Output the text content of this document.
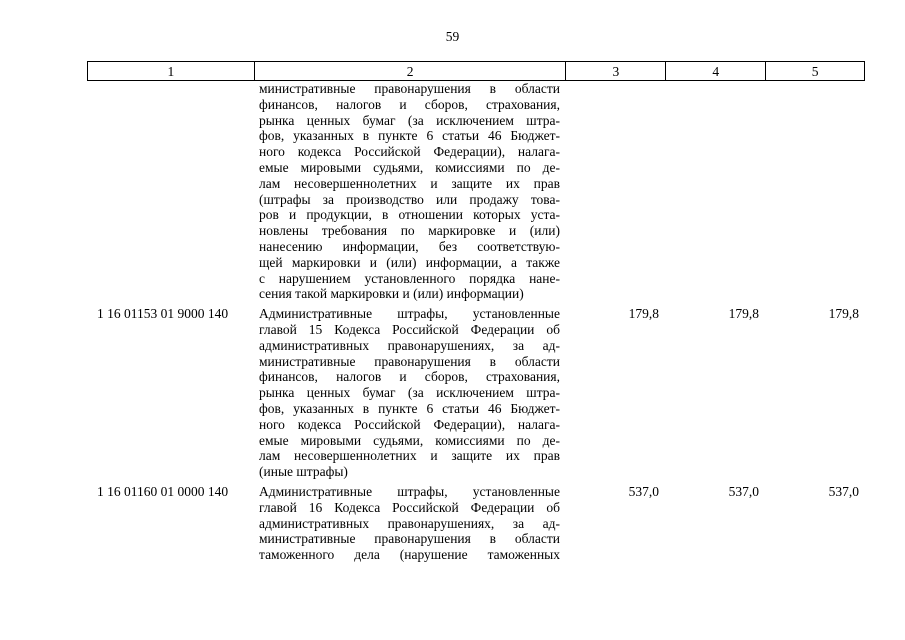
59
1	2	3	4	5
министративные правонарушения в области
финансов, налогов и сборов, страхования,
рынка ценных бумаг (за исключением штра-
фов, указанных в пункте 6 статьи 46 Бюджет-
ного кодекса Российской Федерации), налага-
емые мировыми судьями, комиссиями по де-
лам несовершеннолетних и защите их прав
(штрафы за производство или продажу това-
ров и продукции, в отношении которых уста-
новлены требования по маркировке и (или)
нанесению информации, без соответствую-
щей маркировки и (или) информации, а также
с нарушением установленного порядка нане-
сения такой маркировки и (или) информации)
1 16 01153 01 9000 140	Административные штрафы, установленные
главой 15 Кодекса Российской Федерации об
административных правонарушениях, за ад-
министративные правонарушения в области
финансов, налогов и сборов, страхования,
рынка ценных бумаг (за исключением штра-
фов, указанных в пункте 6 статьи 46 Бюджет-
ного кодекса Российской Федерации), налага-
емые мировыми судьями, комиссиями по де-
лам несовершеннолетних и защите их прав
(иные штрафы)
179,8	179,8	179,8
1 16 01160 01 0000 140	Административные штрафы, установленные
главой 16 Кодекса Российской Федерации об
административных правонарушениях, за ад-
министративные правонарушения в области
таможенного дела (нарушение таможенных
537,0	537,0	537,0
